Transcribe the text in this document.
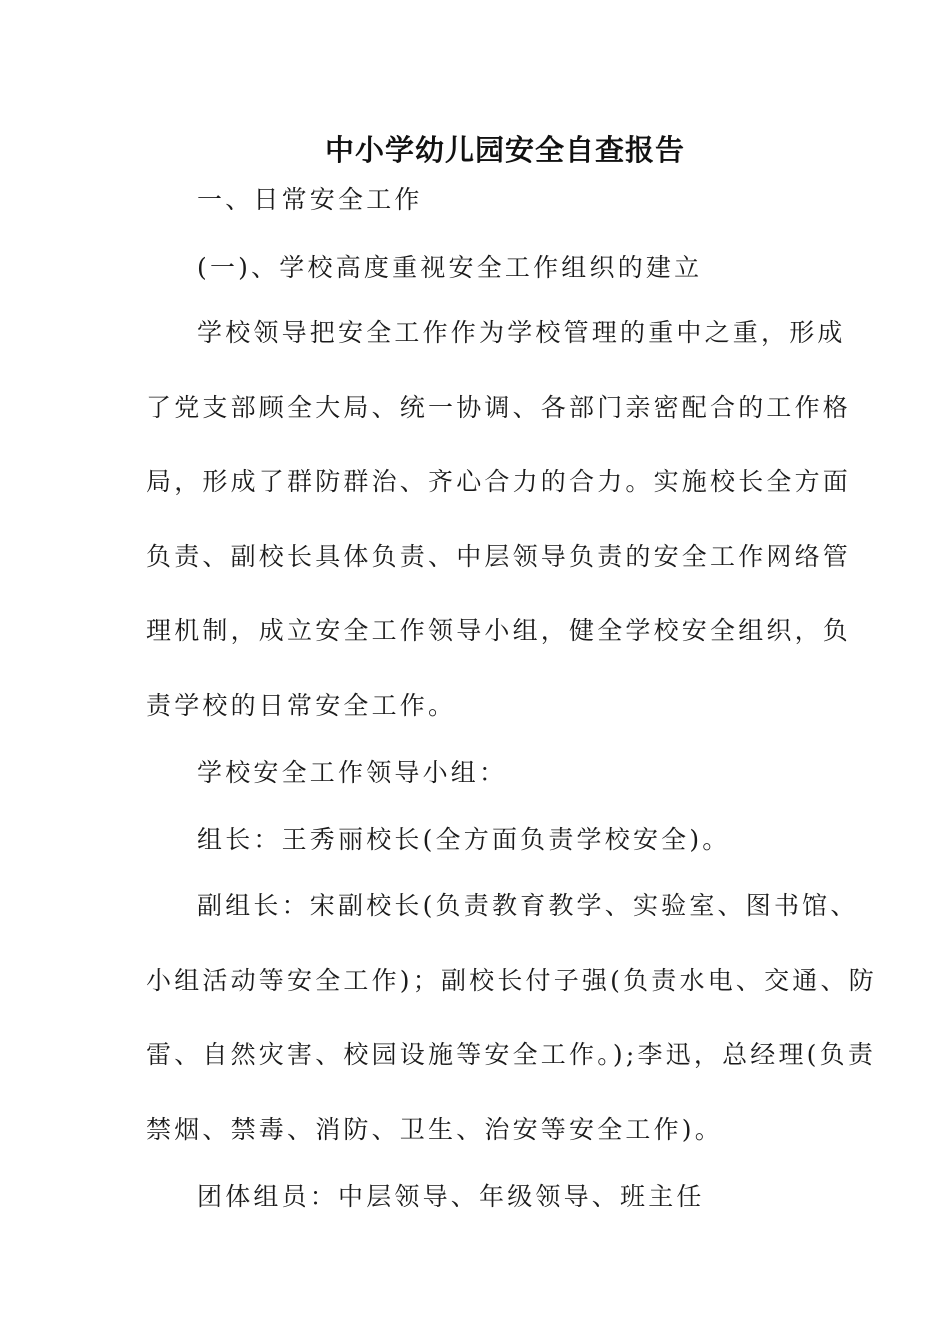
中小学幼儿园安全自查报告
一、日常安全工作
(一)、学校高度重视安全工作组织的建立
学校领导把安全工作作为学校管理的重中之重，形成
了党支部顾全大局、统一协调、各部门亲密配合的工作格
局，形成了群防群治、齐心合力的合力。实施校长全方面
负责、副校长具体负责、中层领导负责的安全工作网络管
理机制，成立安全工作领导小组，健全学校安全组织，负
责学校的日常安全工作。
学校安全工作领导小组：
组长：王秀丽校长(全方面负责学校安全)。
副组长：宋副校长(负责教育教学、实验室、图书馆、
小组活动等安全工作)；副校长付子强(负责水电、交通、防
雷、自然灾害、校园设施等安全工作。);李迅，总经理(负责
禁烟、禁毒、消防、卫生、治安等安全工作)。
团体组员：中层领导、年级领导、班主任
